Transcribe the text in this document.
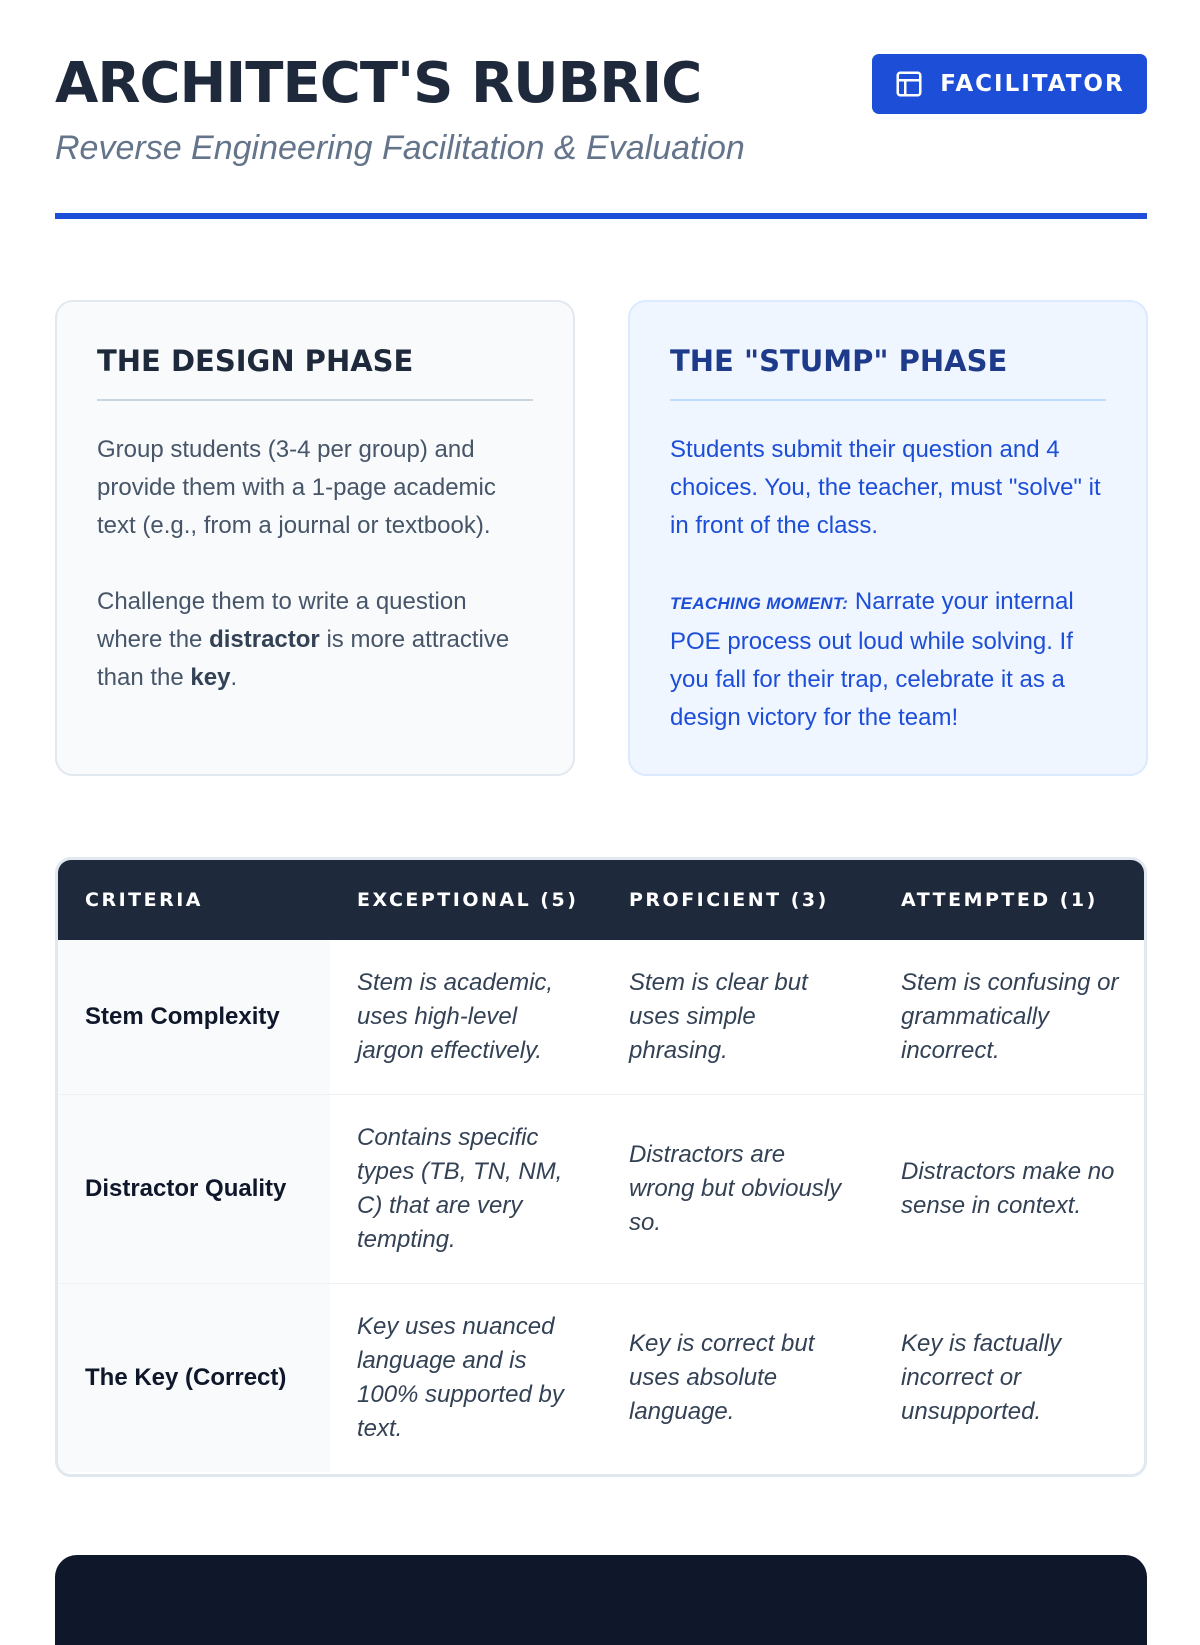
ARCHITECT'S RUBRIC

Reverse Engineering Facilitation & Evaluation

FACILITATOR
THE DESIGN PHASE

Group students (3-4 per group) and provide them with a 1-page academic text (e.g., from a journal or textbook).

Challenge them to write a question where the distractor is more attractive than the key.

THE "STUMP" PHASE

Students submit their question and 4 choices. You, the teacher, must "solve" it in front of the class.

TEACHING MOMENT: Narrate your internal POE process out loud while solving. If you fall for their trap, celebrate it as a design victory for the team!

CRITERIA	EXCEPTIONAL (5)	PROFICIENT (3)	ATTEMPTED (1)
Stem Complexity	Stem is academic, uses high-level jargon effectively.	Stem is clear but uses simple phrasing.	Stem is confusing or grammatically incorrect.
Distractor Quality	Contains specific types (TB, TN, NM, C) that are very tempting.	Distractors are wrong but obviously so.	Distractors make no sense in context.
The Key (Correct)	Key uses nuanced language and is 100% supported by text.	Key is correct but uses absolute language.	Key is factually incorrect or unsupported.
